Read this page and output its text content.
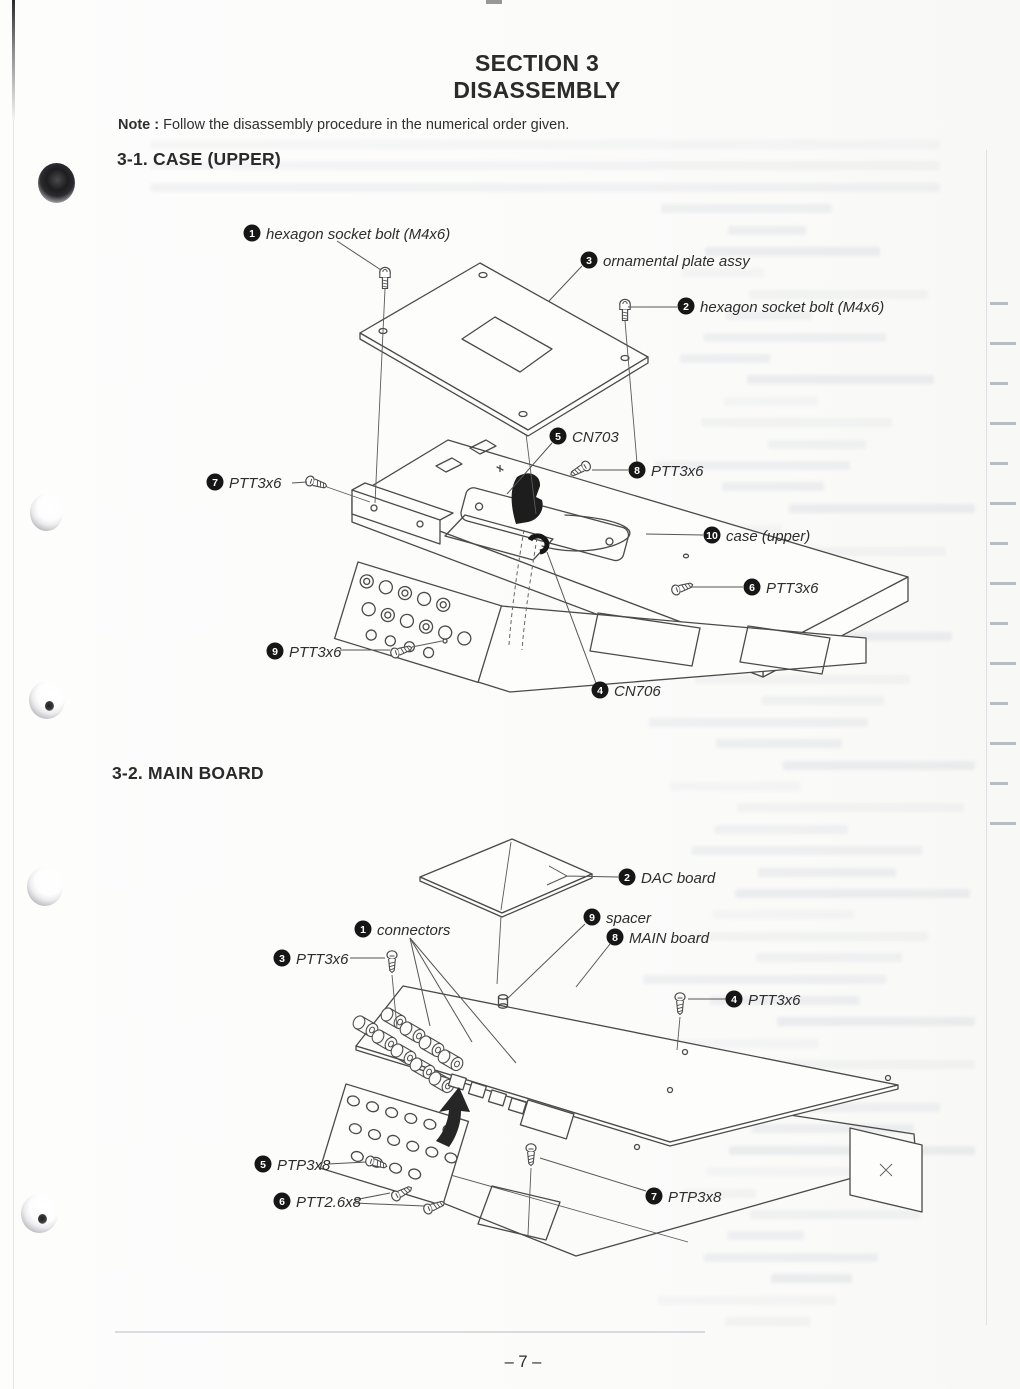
SECTION 3
DISASSEMBLY
Note : Follow the disassembly procedure in the numerical order given.
3-1. CASE (UPPER)
3-2. MAIN BOARD
– 7 –
1 hexagon socket bolt (M4x6)
2 hexagon socket bolt (M4x6)
3 ornamental plate assy
4 CN706
5 CN703
6 PTT3x6
7 PTT3x6
8 PTT3x6
9 PTT3x6
10 case (upper)
1 connectors
2 DAC board
3 PTT3x6
4 PTT3x6
5 PTP3x8
6 PTT2.6x8	7 PTP3x8
8 MAIN board
9 spacer
